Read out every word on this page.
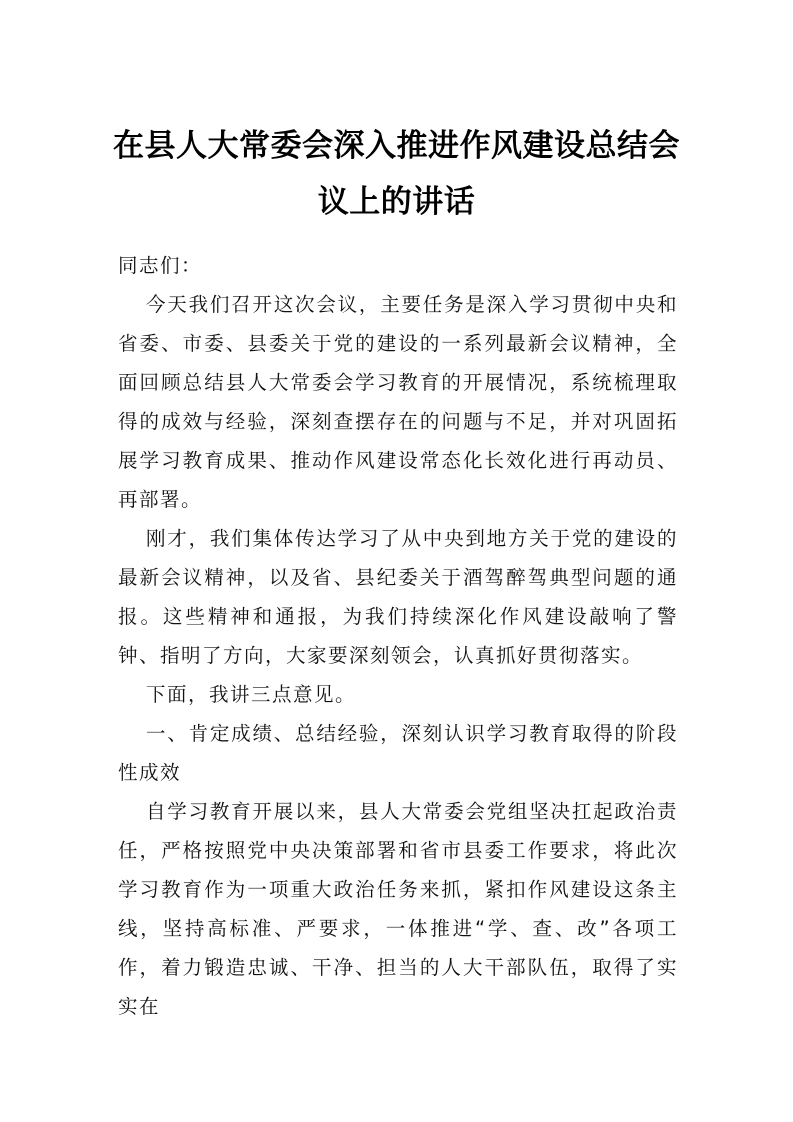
在县人大常委会深入推进作风建设总结会议上的讲话

同志们：

今天我们召开这次会议，主要任务是深入学习贯彻中央和省委、市委、县委关于党的建设的一系列最新会议精神，全面回顾总结县人大常委会学习教育的开展情况，系统梳理取得的成效与经验，深刻查摆存在的问题与不足，并对巩固拓展学习教育成果、推动作风建设常态化长效化进行再动员、再部署。

刚才，我们集体传达学习了从中央到地方关于党的建设的最新会议精神，以及省、县纪委关于酒驾醉驾典型问题的通报。这些精神和通报，为我们持续深化作风建设敲响了警钟、指明了方向，大家要深刻领会，认真抓好贯彻落实。

下面，我讲三点意见。

一、肯定成绩、总结经验，深刻认识学习教育取得的阶段性成效

自学习教育开展以来，县人大常委会党组坚决扛起政治责任，严格按照党中央决策部署和省市县委工作要求，将此次学习教育作为一项重大政治任务来抓，紧扣作风建设这条主线，坚持高标准、严要求，一体推进“学、查、改”各项工作，着力锻造忠诚、干净、担当的人大干部队伍，取得了实实在
